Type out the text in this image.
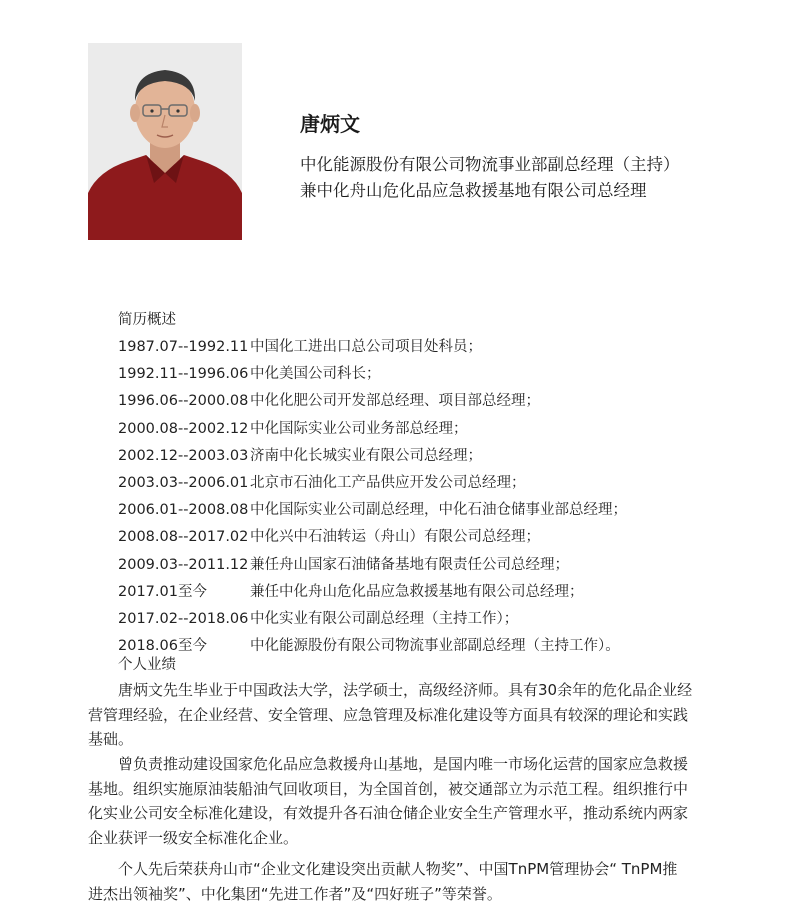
唐炳文
中化能源股份有限公司物流事业部副总经理（主持）
兼中化舟山危化品应急救援基地有限公司总经理
简历概述
1987.07--1992.11 中国化工进出口总公司项目处科员；
1992.11--1996.06 中化美国公司科长；
1996.06--2000.08 中化化肥公司开发部总经理、项目部总经理；
2000.08--2002.12 中化国际实业公司业务部总经理；
2002.12--2003.03 济南中化长城实业有限公司总经理；
2003.03--2006.01 北京市石油化工产品供应开发公司总经理；
2006.01--2008.08 中化国际实业公司副总经理，中化石油仓储事业部总经理；
2008.08--2017.02 中化兴中石油转运（舟山）有限公司总经理；
2009.03--2011.12 兼任舟山国家石油储备基地有限责任公司总经理；
2017.01至今	兼任中化舟山危化品应急救援基地有限公司总经理；
2017.02--2018.06 中化实业有限公司副总经理（主持工作）；
2018.06至今	中化能源股份有限公司物流事业部副总经理（主持工作）。
个人业绩
唐炳文先生毕业于中国政法大学，法学硕士，高级经济师。具有30余年的危化品企业经
营管理经验，在企业经营、安全管理、应急管理及标准化建设等方面具有较深的理论和实践
基础。
曾负责推动建设国家危化品应急救援舟山基地，是国内唯一市场化运营的国家应急救援
基地。组织实施原油装船油气回收项目，为全国首创，被交通部立为示范工程。组织推行中
化实业公司安全标准化建设，有效提升各石油仓储企业安全生产管理水平，推动系统内两家
企业获评一级安全标准化企业。
个人先后荣获舟山市“企业文化建设突出贡献人物奖”、中国TnPM管理协会“ TnPM推
进杰出领袖奖”、中化集团“先进工作者”及“四好班子”等荣誉。
